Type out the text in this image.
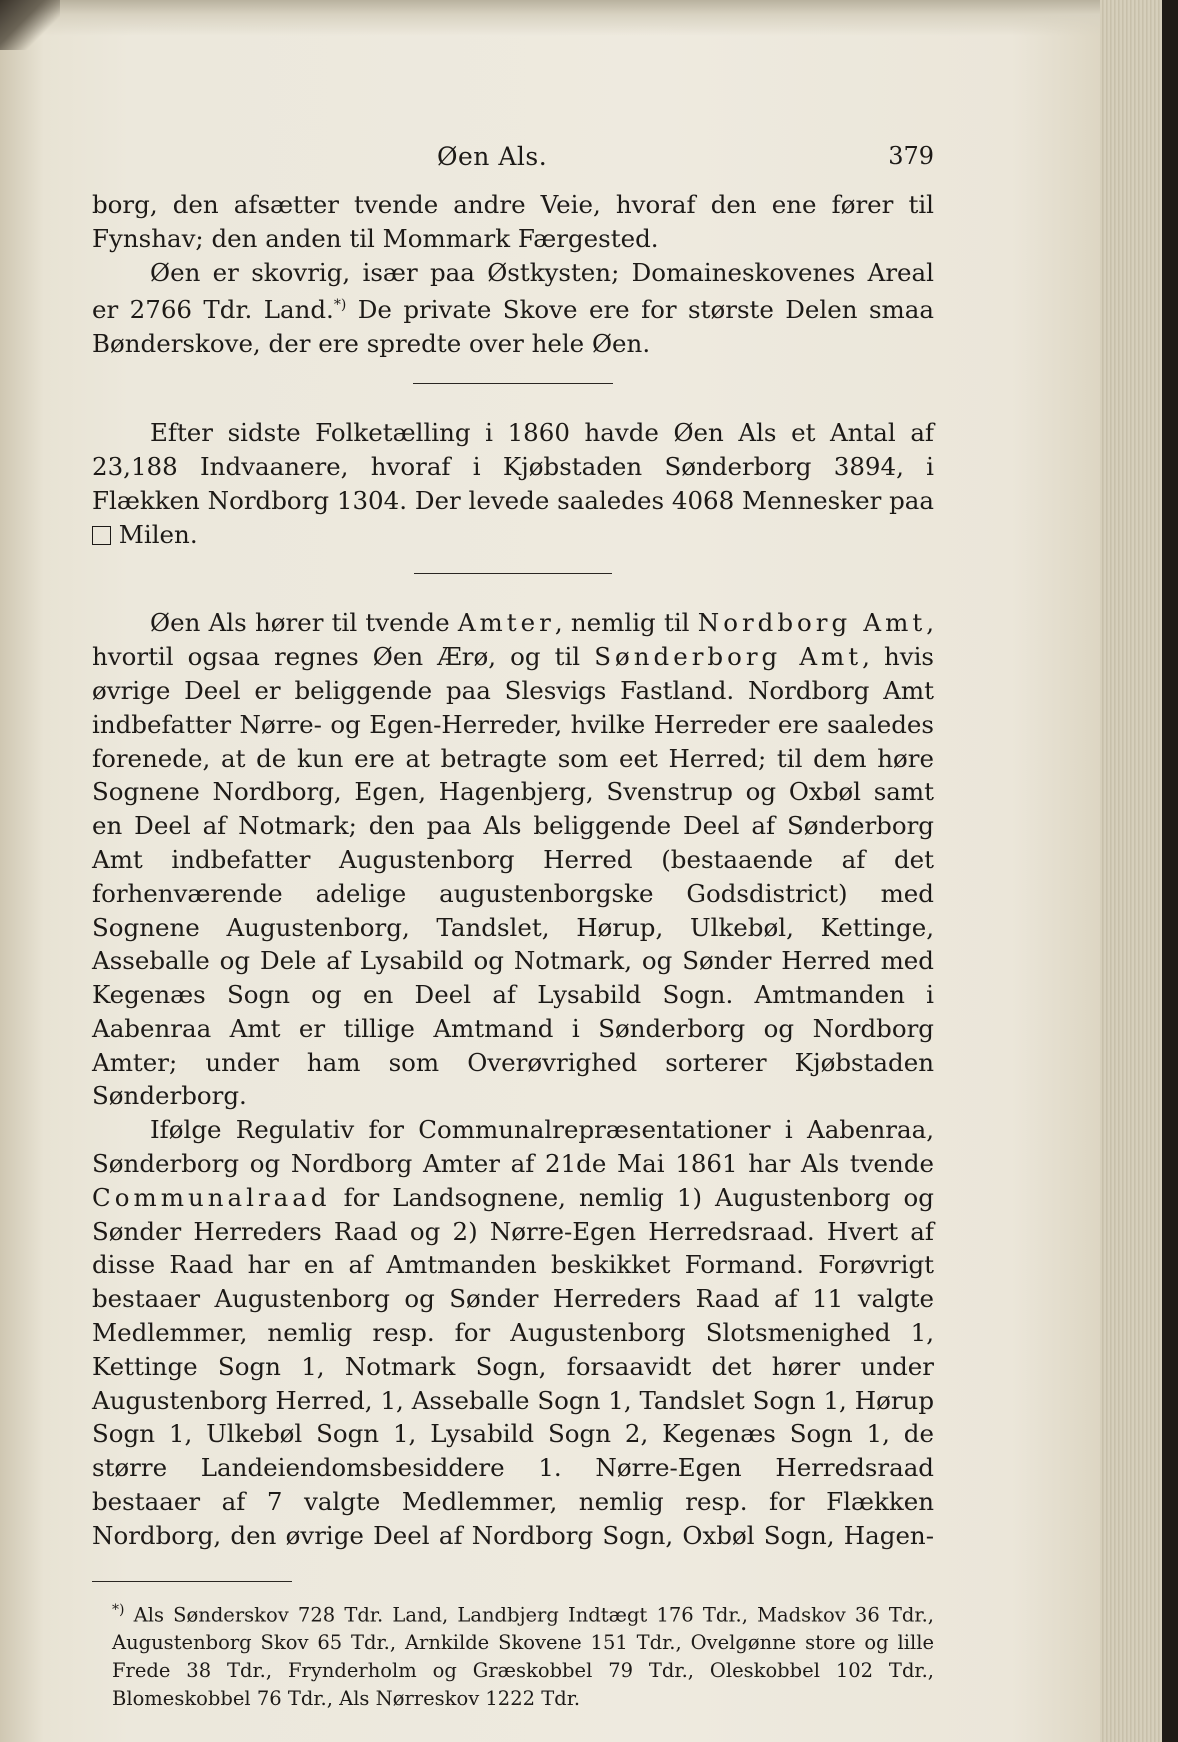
Øen Als.	379

borg, den afsætter tvende andre Veie, hvoraf den ene fører til Fynshav; den anden til Mommark Færgested.

Øen er skovrig, især paa Østkysten; Domaineskovenes Areal er 2766 Tdr. Land.*) De private Skove ere for største Delen smaa Bønderskove, der ere spredte over hele Øen.

Efter sidste Folketælling i 1860 havde Øen Als et Antal af 23,188 Indvaanere, hvoraf i Kjøbstaden Sønderborg 3894, i Flækken Nordborg 1304. Der levede saaledes 4068 Mennesker paa  Milen.

Øen Als hører til tvende Amter, nemlig til Nordborg Amt, hvortil ogsaa regnes Øen Ærø, og til Sønderborg Amt, hvis øvrige Deel er beliggende paa Slesvigs Fastland. Nordborg Amt indbefatter Nørre- og Egen-Herreder, hvilke Herreder ere saaledes forenede, at de kun ere at betragte som eet Herred; til dem høre Sognene Nordborg, Egen, Hagenbjerg, Svenstrup og Oxbøl samt en Deel af Notmark; den paa Als beliggende Deel af Sønderborg Amt indbefatter Augustenborg Herred (bestaaende af det forhenværende adelige augustenborgske Godsdistrict) med Sognene Augustenborg, Tandslet, Hørup, Ulkebøl, Kettinge, Asseballe og Dele af Lysabild og Notmark, og Sønder Herred med Kegenæs Sogn og en Deel af Lysabild Sogn. Amtmanden i Aabenraa Amt er tillige Amtmand i Sønderborg og Nordborg Amter; under ham som Overøvrighed sorterer Kjøbstaden Sønderborg.

Ifølge Regulativ for Communalrepræsentationer i Aabenraa, Sønderborg og Nordborg Amter af 21de Mai 1861 har Als tvende Communalraad for Landsognene, nemlig 1) Augustenborg og Sønder Herreders Raad og 2) Nørre-Egen Herredsraad. Hvert af disse Raad har en af Amtmanden beskikket Formand. Forøvrigt bestaaer Augustenborg og Sønder Herreders Raad af 11 valgte Medlemmer, nemlig resp. for Augustenborg Slotsmenighed 1, Kettinge Sogn 1, Notmark Sogn, forsaavidt det hører under Augustenborg Herred, 1, Asseballe Sogn 1, Tandslet Sogn 1, Hørup Sogn 1, Ulkebøl Sogn 1, Lysabild Sogn 2, Kegenæs Sogn 1, de større Landeiendomsbesiddere 1. Nørre-Egen Herredsraad bestaaer af 7 valgte Medlemmer, nemlig resp. for Flækken Nordborg, den øvrige Deel af Nordborg Sogn, Oxbøl Sogn, Hagen-

*) Als Sønderskov 728 Tdr. Land, Landbjerg Indtægt 176 Tdr., Madskov 36 Tdr., Augustenborg Skov 65 Tdr., Arnkilde Skovene 151 Tdr., Ovelgønne store og lille Frede 38 Tdr., Frynderholm og Græskobbel 79 Tdr., Oleskobbel 102 Tdr., Blomeskobbel 76 Tdr., Als Nørreskov 1222 Tdr.
